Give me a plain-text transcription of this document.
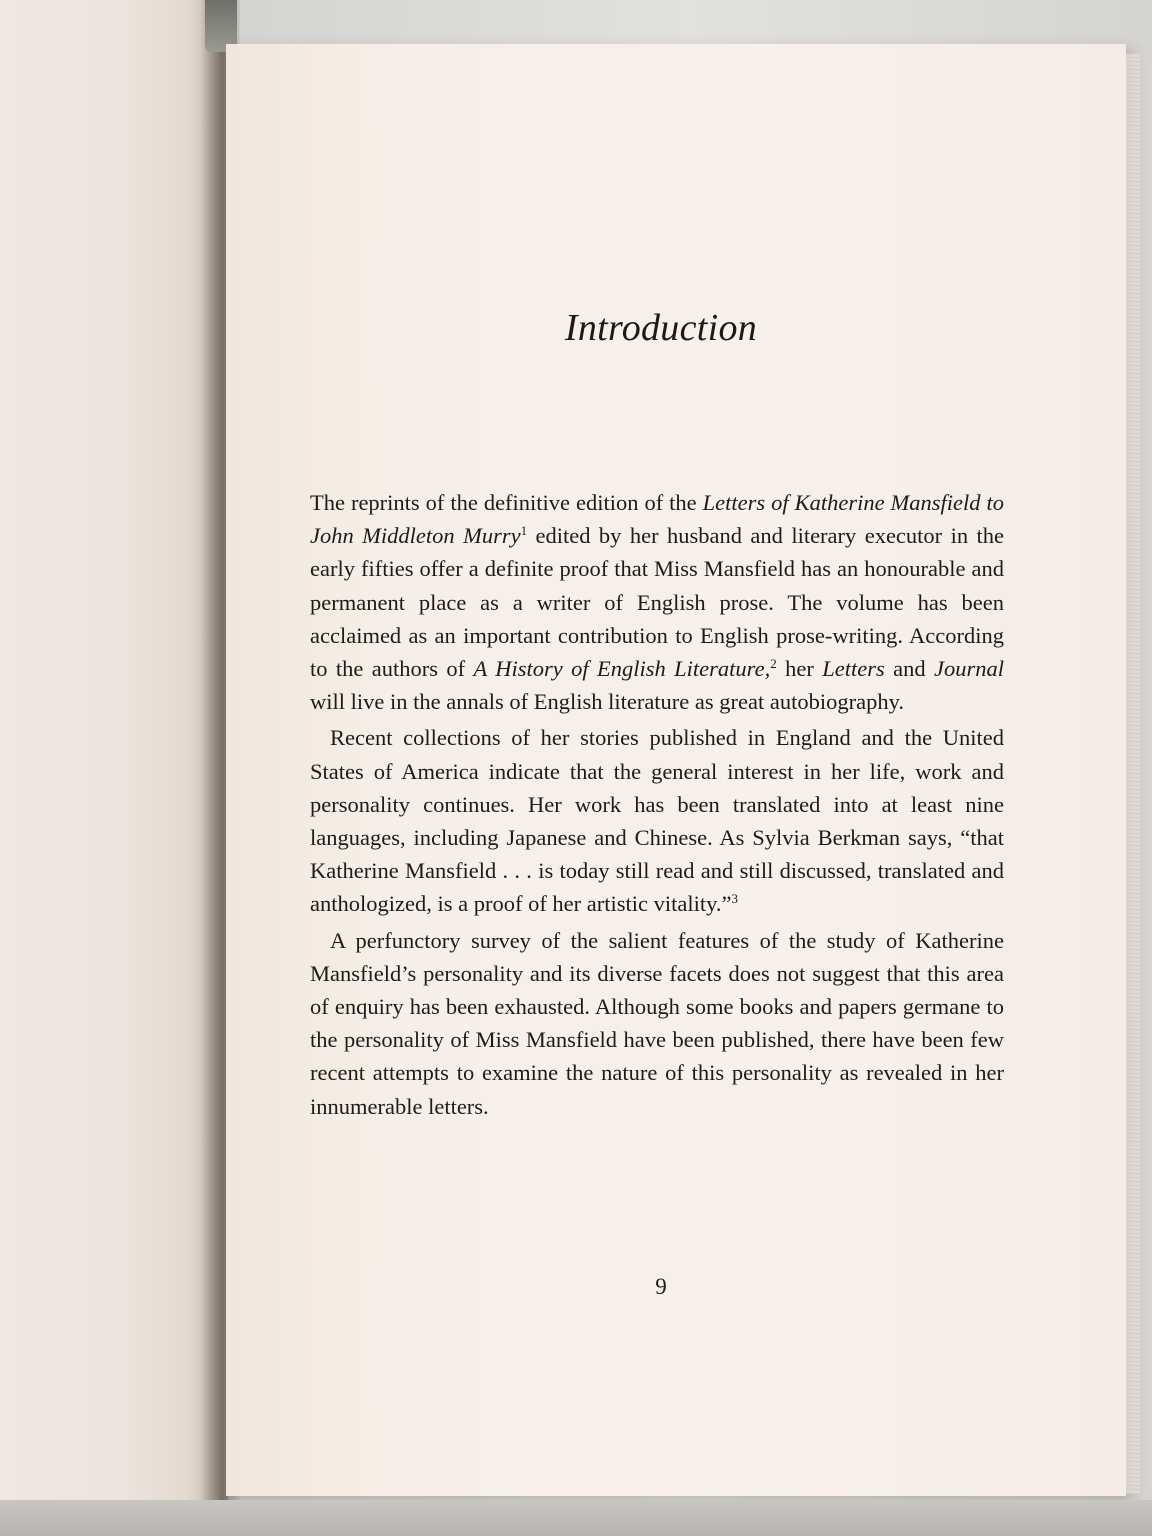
Introduction

The reprints of the definitive edition of the Letters of Katherine Mansfield to John Middleton Murry$^1$ edited by her husband and literary executor in the early fifties offer a definite proof that Miss Mansfield has an honourable and permanent place as a writer of English prose. The volume has been acclaimed as an important contribution to English prose-writing. According to the authors of A History of English Literature,$^2$ her Letters and Journal will live in the annals of English literature as great autobiography.

Recent collections of her stories published in England and the United States of America indicate that the general interest in her life, work and personality continues. Her work has been translated into at least nine languages, including Japanese and Chinese. As Sylvia Berkman says, “that Katherine Mansfield . . . is today still read and still discussed, translated and anthologized, is a proof of her artistic vitality.”$^3$

A perfunctory survey of the salient features of the study of Katherine Mansfield’s personality and its diverse facets does not suggest that this area of enquiry has been exhausted. Although some books and papers germane to the personality of Miss Mansfield have been published, there have been few recent attempts to examine the nature of this personality as revealed in her innumerable letters.

9
